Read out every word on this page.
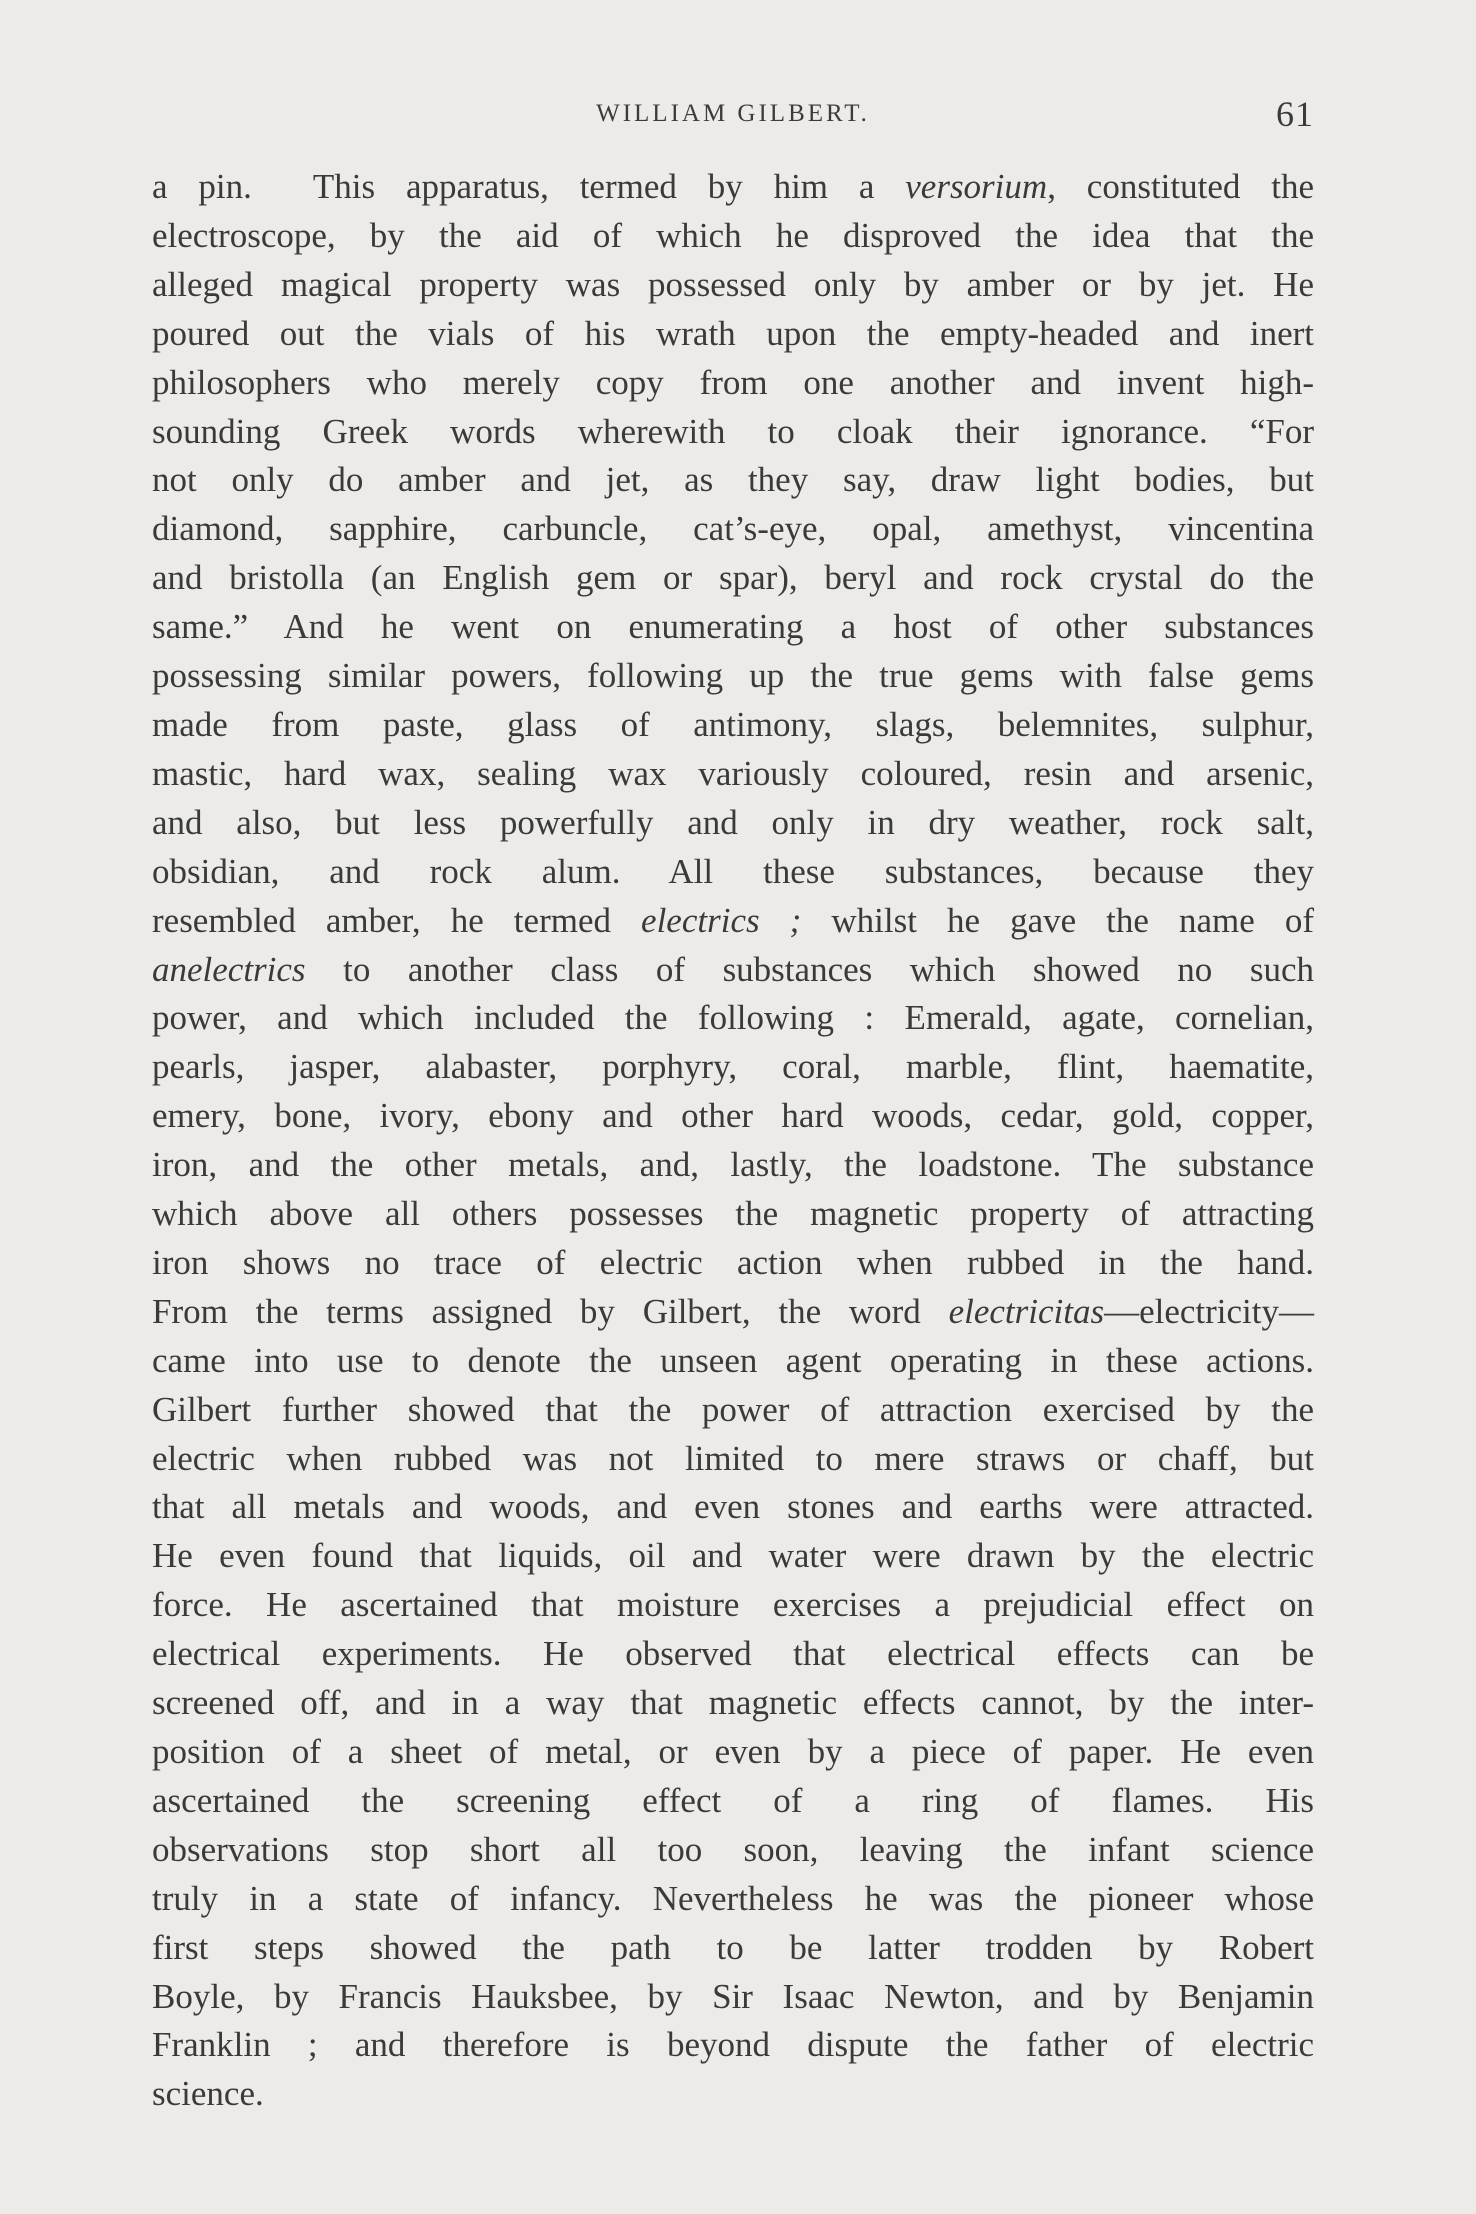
WILLIAM GILBERT.	61
a pin.  This apparatus, termed by him a versorium, constituted the
electroscope, by the aid of which he disproved the idea that the
alleged magical property was possessed only by amber or by jet. He
poured out the vials of his wrath upon the empty-headed and inert
philosophers who merely copy from one another and invent high-
sounding Greek words wherewith to cloak their ignorance. “For
not only do amber and jet, as they say, draw light bodies, but
diamond, sapphire, carbuncle, cat’s-eye, opal, amethyst, vincentina
and bristolla (an English gem or spar), beryl and rock crystal do the
same.” And he went on enumerating a host of other substances
possessing similar powers, following up the true gems with false gems
made from paste, glass of antimony, slags, belemnites, sulphur,
mastic, hard wax, sealing wax variously coloured, resin and arsenic,
and also, but less powerfully and only in dry weather, rock salt,
obsidian, and rock alum. All these substances, because they
resembled amber, he termed electrics ; whilst he gave the name of
anelectrics to another class of substances which showed no such
power, and which included the following : Emerald, agate, cornelian,
pearls, jasper, alabaster, porphyry, coral, marble, flint, haematite,
emery, bone, ivory, ebony and other hard woods, cedar, gold, copper,
iron, and the other metals, and, lastly, the loadstone. The substance
which above all others possesses the magnetic property of attracting
iron shows no trace of electric action when rubbed in the hand.
From the terms assigned by Gilbert, the word electricitas—electricity—
came into use to denote the unseen agent operating in these actions.
Gilbert further showed that the power of attraction exercised by the
electric when rubbed was not limited to mere straws or chaff, but
that all metals and woods, and even stones and earths were attracted.
He even found that liquids, oil and water were drawn by the electric
force. He ascertained that moisture exercises a prejudicial effect on
electrical experiments. He observed that electrical effects can be
screened off, and in a way that magnetic effects cannot, by the inter-
position of a sheet of metal, or even by a piece of paper. He even
ascertained the screening effect of a ring of flames. His
observations stop short all too soon, leaving the infant science
truly in a state of infancy. Nevertheless he was the pioneer whose
first steps showed the path to be latter trodden by Robert
Boyle, by Francis Hauksbee, by Sir Isaac Newton, and by Benjamin
Franklin ; and therefore is beyond dispute the father of electric
science.
